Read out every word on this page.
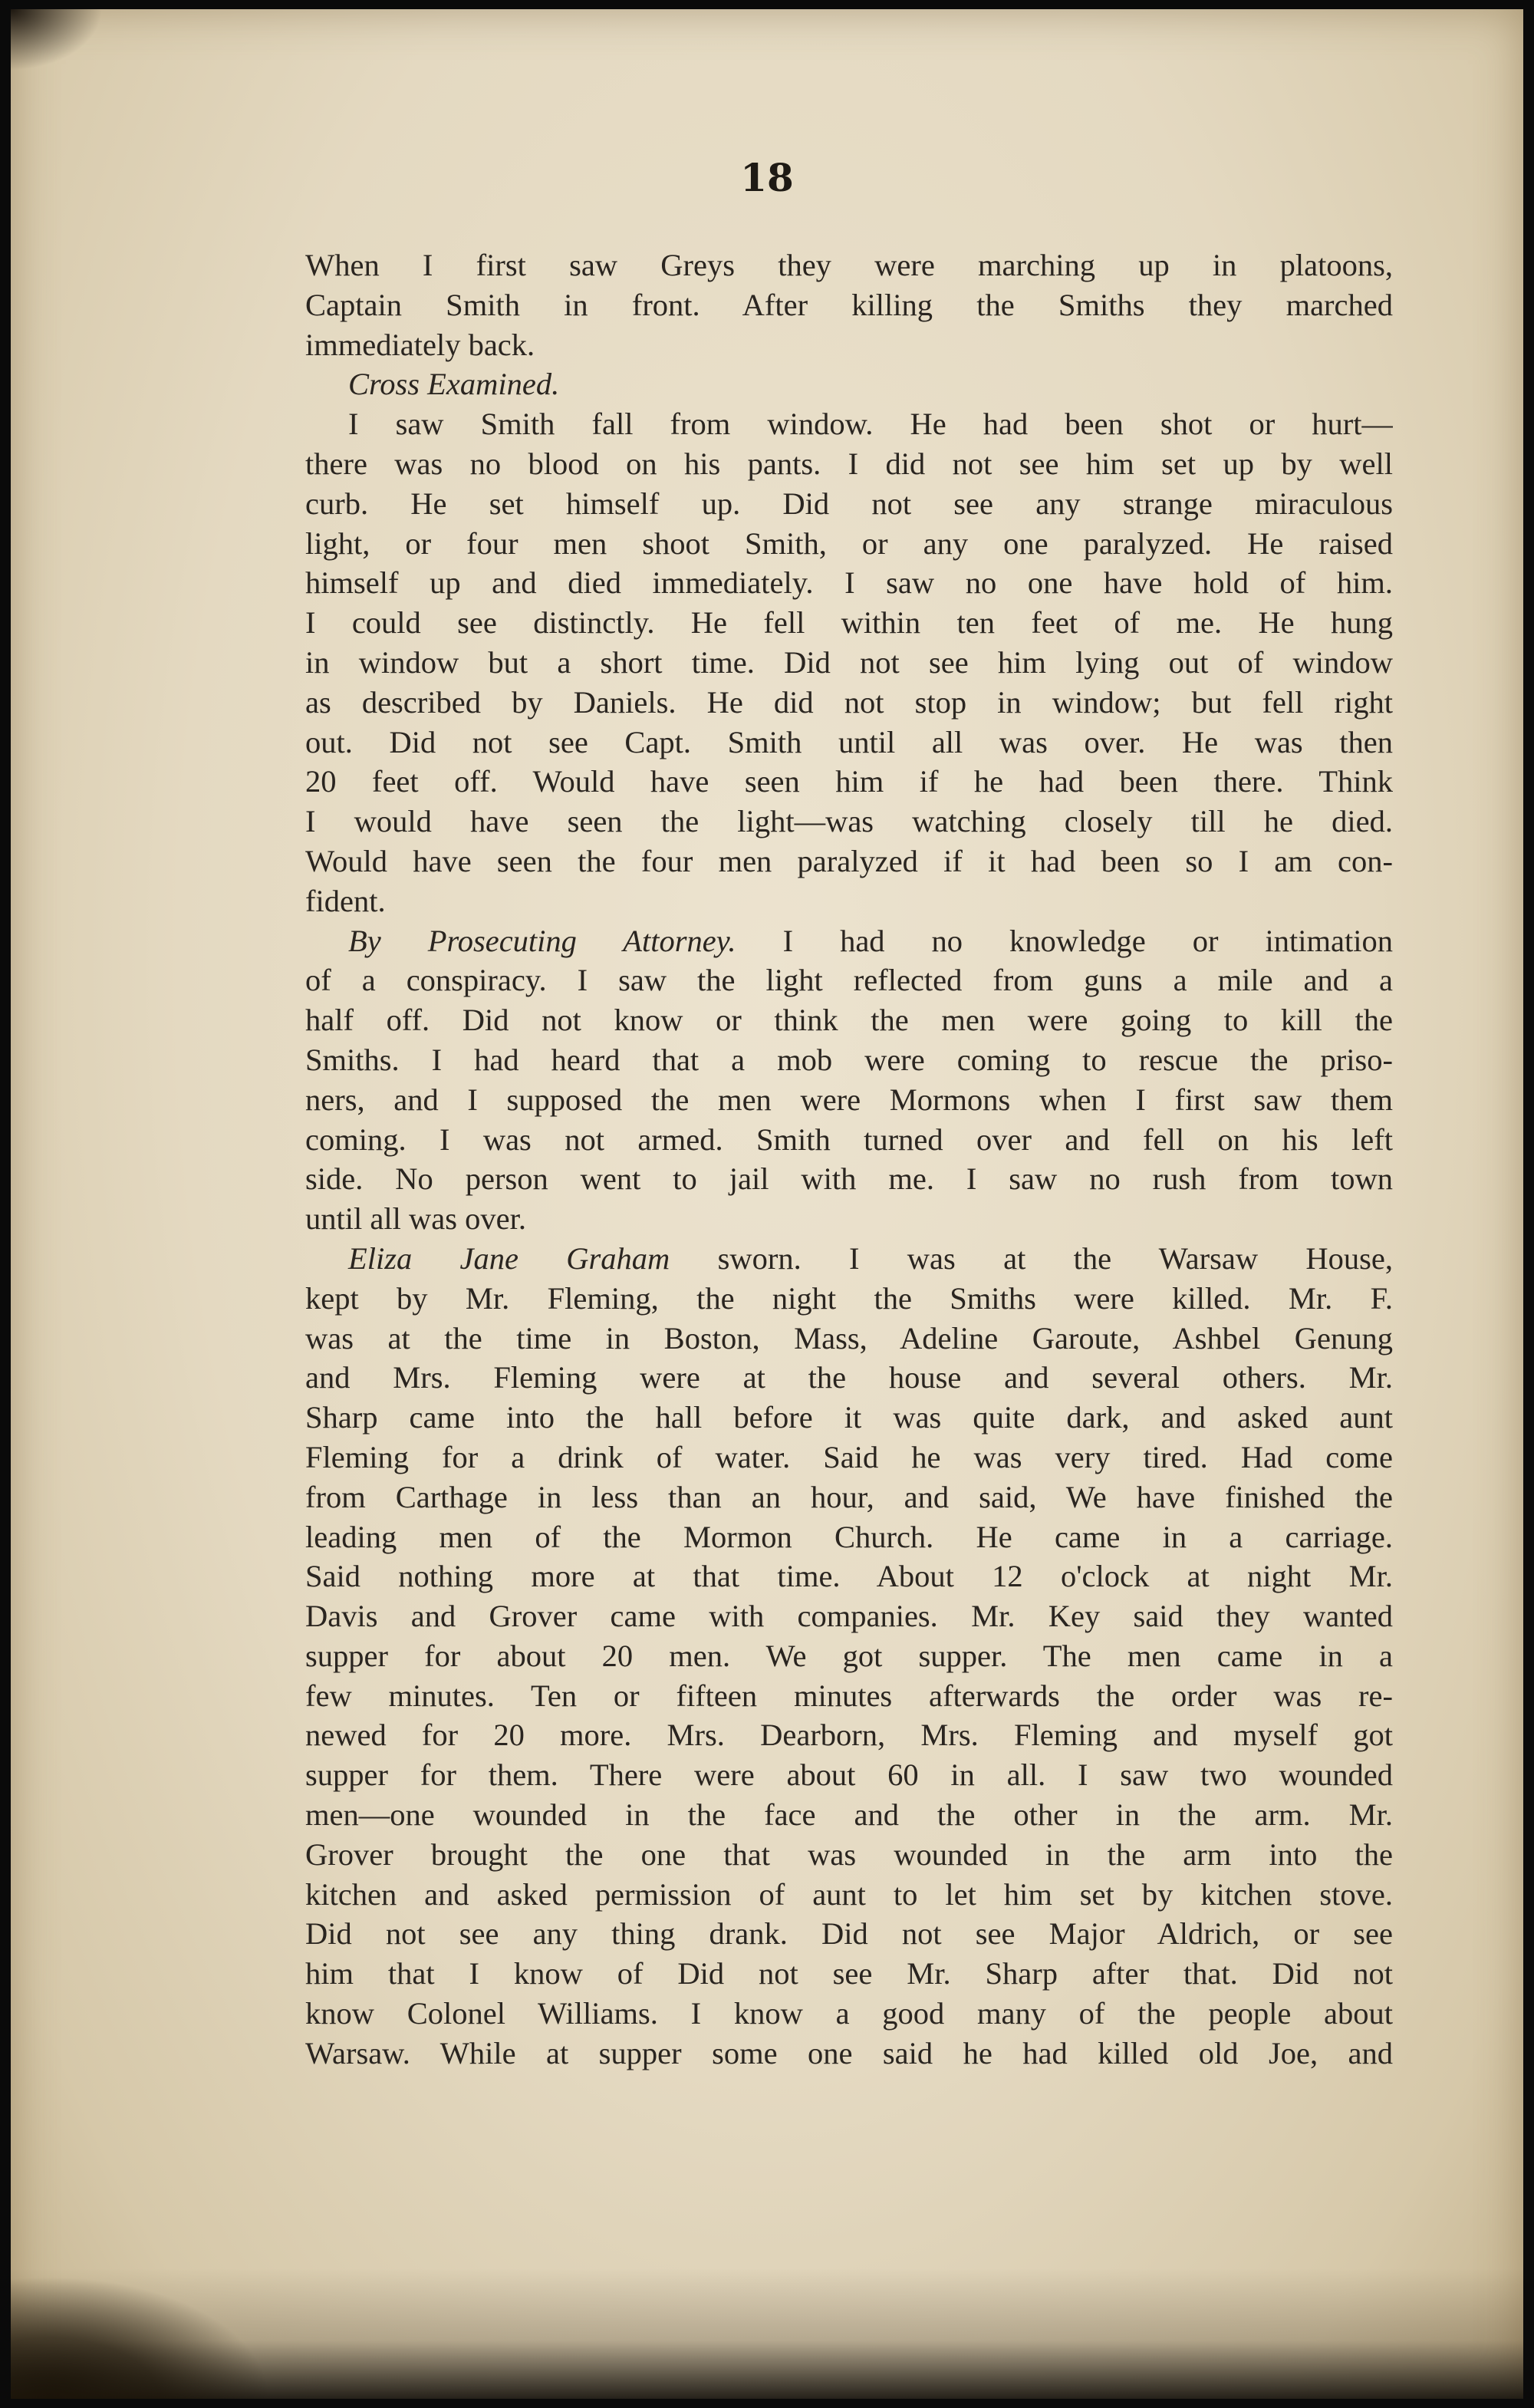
18
When I first saw Greys they were marching up in platoons,
Captain Smith in front. After killing the Smiths they marched
immediately back.
Cross Examined.
I saw Smith fall from window. He had been shot or hurt—
there was no blood on his pants. I did not see him set up by well
curb. He set himself up. Did not see any strange miraculous
light, or four men shoot Smith, or any one paralyzed. He raised
himself up and died immediately. I saw no one have hold of him.
I could see distinctly. He fell within ten feet of me. He hung
in window but a short time. Did not see him lying out of window
as described by Daniels. He did not stop in window; but fell right
out. Did not see Capt. Smith until all was over. He was then
20 feet off. Would have seen him if he had been there. Think
I would have seen the light—was watching closely till he died.
Would have seen the four men paralyzed if it had been so I am con-
fident.
By Prosecuting Attorney. I had no knowledge or intimation
of a conspiracy. I saw the light reflected from guns a mile and a
half off. Did not know or think the men were going to kill the
Smiths. I had heard that a mob were coming to rescue the priso-
ners, and I supposed the men were Mormons when I first saw them
coming. I was not armed. Smith turned over and fell on his left
side. No person went to jail with me. I saw no rush from town
until all was over.
Eliza Jane Graham sworn. I was at the Warsaw House,
kept by Mr. Fleming, the night the Smiths were killed. Mr. F.
was at the time in Boston, Mass, Adeline Garoute, Ashbel Genung
and Mrs. Fleming were at the house and several others. Mr.
Sharp came into the hall before it was quite dark, and asked aunt
Fleming for a drink of water. Said he was very tired. Had come
from Carthage in less than an hour, and said, We have finished the
leading men of the Mormon Church. He came in a carriage.
Said nothing more at that time. About 12 o'clock at night Mr.
Davis and Grover came with companies. Mr. Key said they wanted
supper for about 20 men. We got supper. The men came in a
few minutes. Ten or fifteen minutes afterwards the order was re-
newed for 20 more. Mrs. Dearborn, Mrs. Fleming and myself got
supper for them. There were about 60 in all. I saw two wounded
men—one wounded in the face and the other in the arm. Mr.
Grover brought the one that was wounded in the arm into the
kitchen and asked permission of aunt to let him set by kitchen stove.
Did not see any thing drank. Did not see Major Aldrich, or see
him that I know of Did not see Mr. Sharp after that. Did not
know Colonel Williams. I know a good many of the people about
Warsaw. While at supper some one said he had killed old Joe, and
